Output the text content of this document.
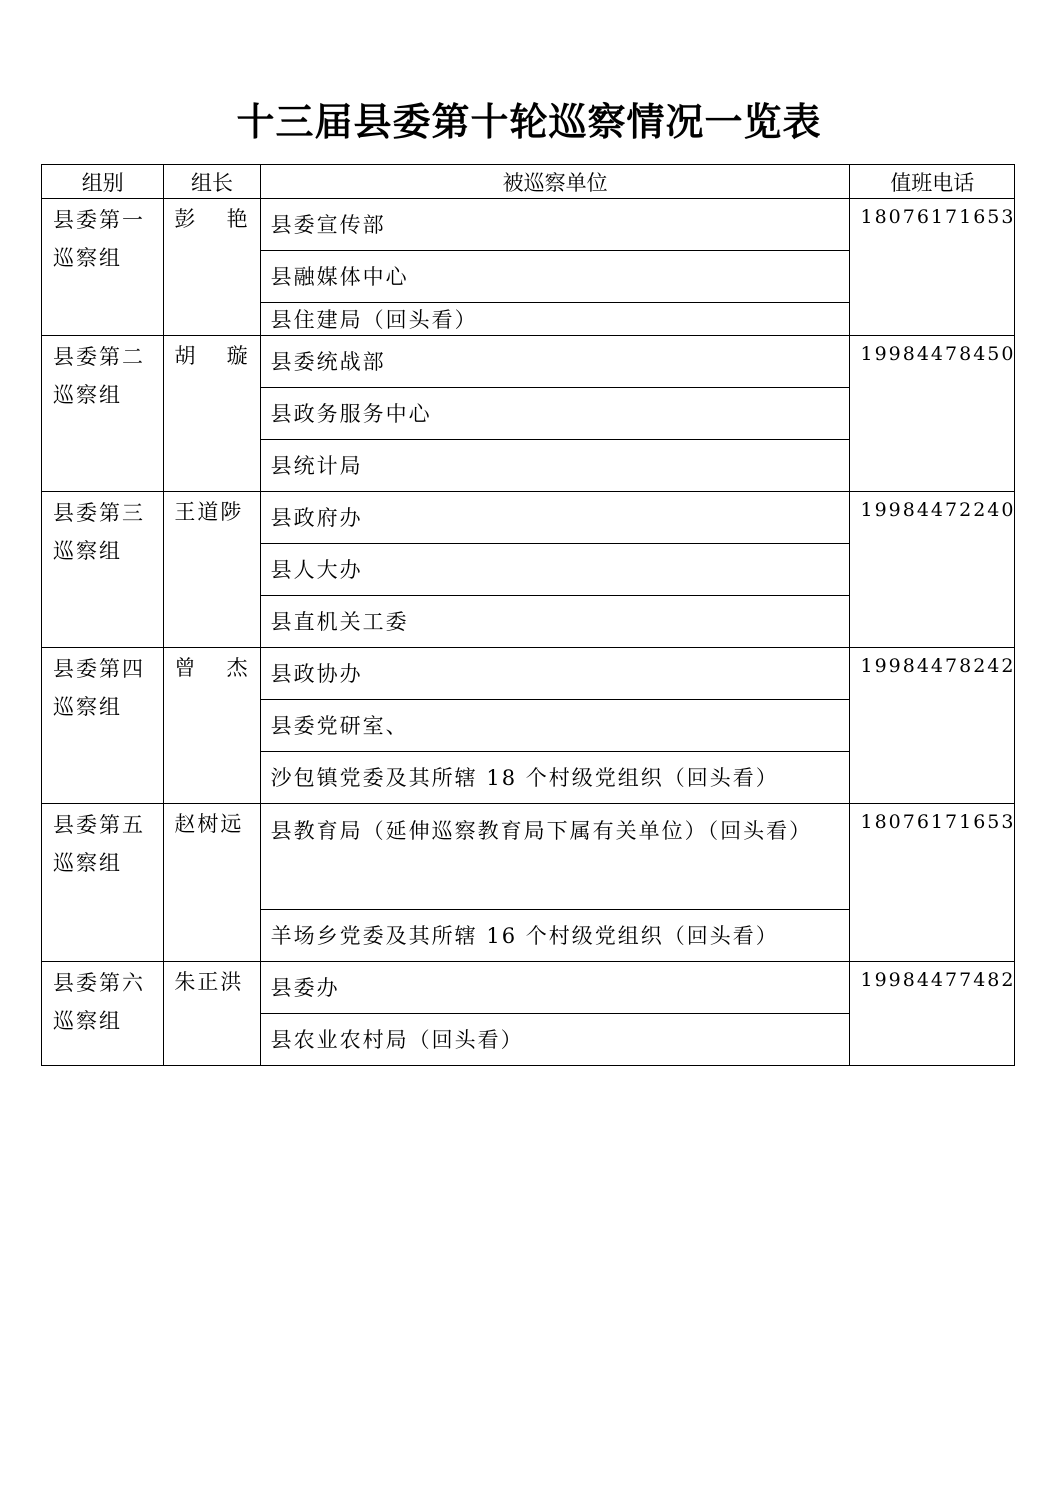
十三届县委第十轮巡察情况一览表
组别	组长	被巡察单位	值班电话
县委第一巡察组	彭 艳	县委宣传部	18076171653
		县融媒体中心	
		县住建局（回头看）	
县委第二巡察组	胡 璇	县委统战部	19984478450
		县政务服务中心	
		县统计局	
县委第三巡察组	王道陟	县政府办	19984472240
		县人大办	
		县直机关工委	
县委第四巡察组	曾 杰	县政协办	19984478242
		县委党研室、	
		沙包镇党委及其所辖 18 个村级党组织（回头看）	
县委第五巡察组	赵树远	县教育局（延伸巡察教育局下属有关单位）（回头看）	18076171653
		羊场乡党委及其所辖 16 个村级党组织（回头看）	
县委第六巡察组	朱正洪	县委办	19984477482
		县农业农村局（回头看）	
